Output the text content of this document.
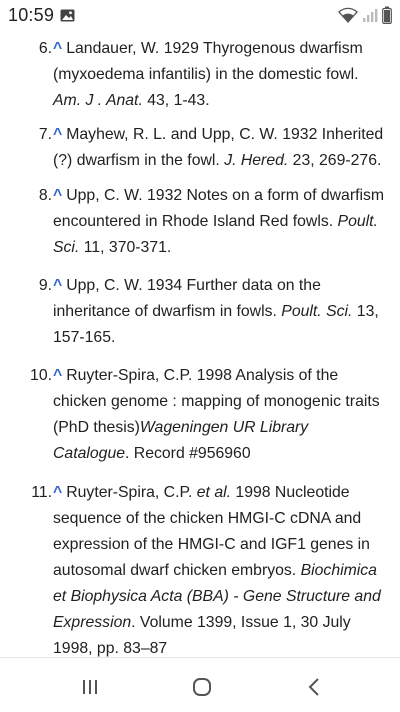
10:59
6. ^ Landauer, W. 1929 Thyrogenous dwarfism (myxoedema infantilis) in the domestic fowl. Am. J . Anat. 43, 1-43.
7. ^ Mayhew, R. L. and Upp, C. W. 1932 Inherited (?) dwarfism in the fowl. J. Hered. 23, 269-276.
8. ^ Upp, C. W. 1932 Notes on a form of dwarfism encountered in Rhode Island Red fowls. Poult. Sci. 11, 370-371.
9. ^ Upp, C. W. 1934 Further data on the inheritance of dwarfism in fowls. Poult. Sci. 13, 157-165.
10. ^ Ruyter-Spira, C.P. 1998 Analysis of the chicken genome : mapping of monogenic traits (PhD thesis)Wageningen UR Library Catalogue. Record #956960
11. ^ Ruyter-Spira, C.P. et al. 1998 Nucleotide sequence of the chicken HMGI-C cDNA and expression of the HMGI-C and IGF1 genes in autosomal dwarf chicken embryos. Biochimica et Biophysica Acta (BBA) - Gene Structure and Expression. Volume 1399, Issue 1, 30 July 1998, pp. 83–87
